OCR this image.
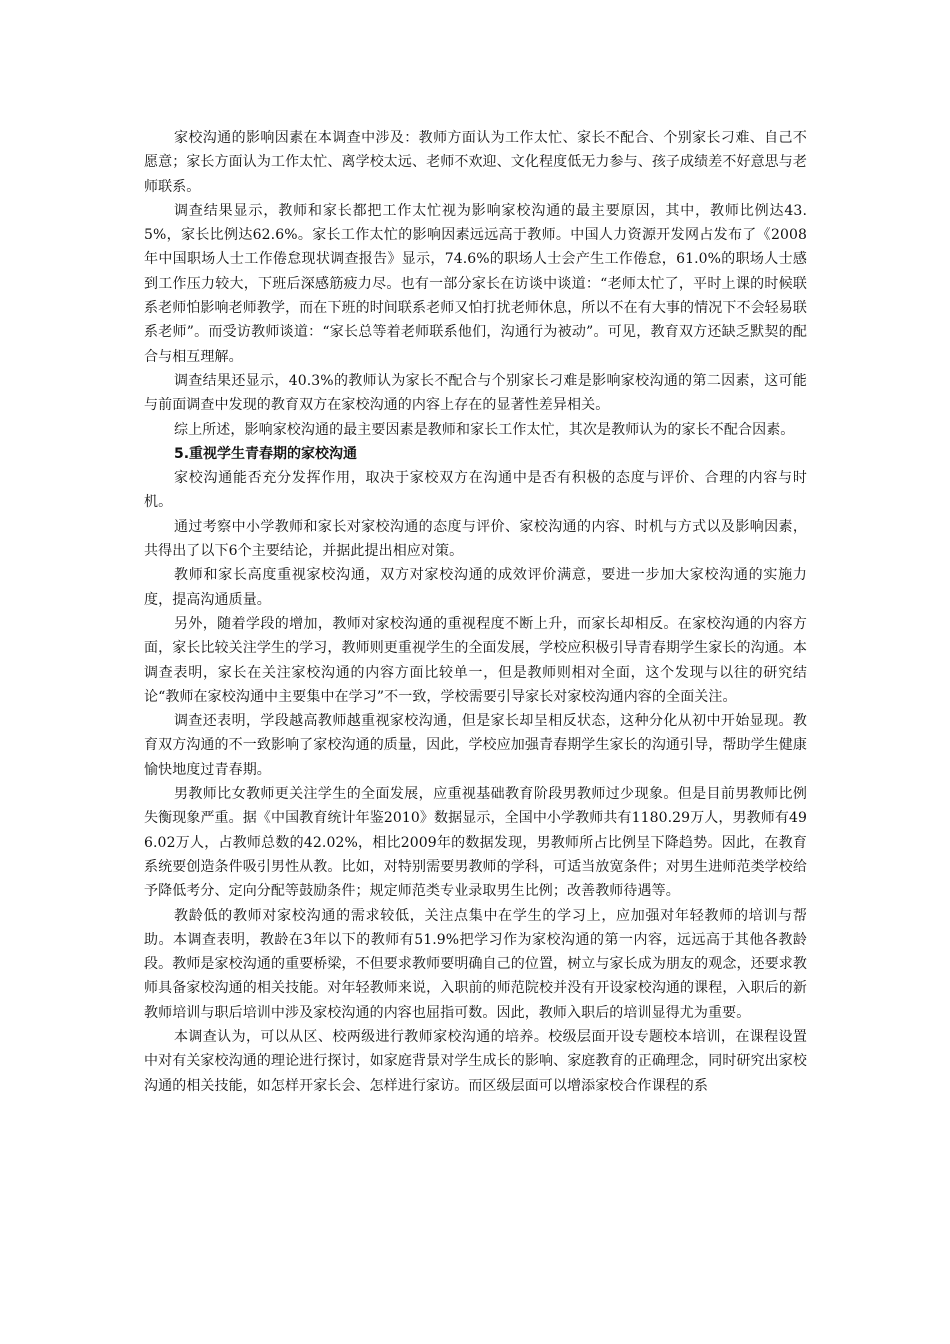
家校沟通的影响因素在本调查中涉及：教师方面认为工作太忙、家长不配合、个别家长刁难、自己不愿意；家长方面认为工作太忙、离学校太远、老师不欢迎、文化程度低无力参与、孩子成绩差不好意思与老师联系。

调查结果显示，教师和家长都把工作太忙视为影响家校沟通的最主要原因，其中，教师比例达43.5%，家长比例达62.6%。家长工作太忙的影响因素远远高于教师。中国人力资源开发网占发布了《2008年中国职场人士工作倦怠现状调查报告》显示，74.6%的职场人士会产生工作倦怠，61.0%的职场人士感到工作压力较大，下班后深感筋疲力尽。也有一部分家长在访谈中谈道：“老师太忙了，平时上课的时候联系老师怕影响老师教学，而在下班的时间联系老师又怕打扰老师休息，所以不在有大事的情况下不会轻易联系老师”。而受访教师谈道：“家长总等着老师联系他们，沟通行为被动”。可见，教育双方还缺乏默契的配合与相互理解。

调查结果还显示，40.3%的教师认为家长不配合与个别家长刁难是影响家校沟通的第二因素，这可能与前面调查中发现的教育双方在家校沟通的内容上存在的显著性差异相关。

综上所述，影响家校沟通的最主要因素是教师和家长工作太忙，其次是教师认为的家长不配合因素。

5.重视学生青春期的家校沟通

家校沟通能否充分发挥作用，取决于家校双方在沟通中是否有积极的态度与评价、合理的内容与时机。

通过考察中小学教师和家长对家校沟通的态度与评价、家校沟通的内容、时机与方式以及影响因素，共得出了以下6个主要结论，并据此提出相应对策。

教师和家长高度重视家校沟通，双方对家校沟通的成效评价满意，要进一步加大家校沟通的实施力度，提高沟通质量。

另外，随着学段的增加，教师对家校沟通的重视程度不断上升，而家长却相反。在家校沟通的内容方面，家长比较关注学生的学习，教师则更重视学生的全面发展，学校应积极引导青春期学生家长的沟通。本调查表明，家长在关注家校沟通的内容方面比较单一，但是教师则相对全面，这个发现与以往的研究结论“教师在家校沟通中主要集中在学习”不一致，学校需要引导家长对家校沟通内容的全面关注。

调查还表明，学段越高教师越重视家校沟通，但是家长却呈相反状态，这种分化从初中开始显现。教育双方沟通的不一致影响了家校沟通的质量，因此，学校应加强青春期学生家长的沟通引导，帮助学生健康愉快地度过青春期。

男教师比女教师更关注学生的全面发展，应重视基础教育阶段男教师过少现象。但是目前男教师比例失衡现象严重。据《中国教育统计年鉴2010》数据显示，全国中小学教师共有1180.29万人，男教师有496.02万人，占教师总数的42.02%，相比2009年的数据发现，男教师所占比例呈下降趋势。因此，在教育系统要创造条件吸引男性从教。比如，对特别需要男教师的学科，可适当放宽条件；对男生进师范类学校给予降低考分、定向分配等鼓励条件；规定师范类专业录取男生比例；改善教师待遇等。

教龄低的教师对家校沟通的需求较低，关注点集中在学生的学习上，应加强对年轻教师的培训与帮助。本调查表明，教龄在3年以下的教师有51.9%把学习作为家校沟通的第一内容，远远高于其他各教龄段。教师是家校沟通的重要桥梁，不但要求教师要明确自己的位置，树立与家长成为朋友的观念，还要求教师具备家校沟通的相关技能。对年轻教师来说，入职前的师范院校并没有开设家校沟通的课程，入职后的新教师培训与职后培训中涉及家校沟通的内容也屈指可数。因此，教师入职后的培训显得尤为重要。

本调查认为，可以从区、校两级进行教师家校沟通的培养。校级层面开设专题校本培训，在课程设置中对有关家校沟通的理论进行探讨，如家庭背景对学生成长的影响、家庭教育的正确理念，同时研究出家校沟通的相关技能，如怎样开家长会、怎样进行家访。而区级层面可以增添家校合作课程的系
